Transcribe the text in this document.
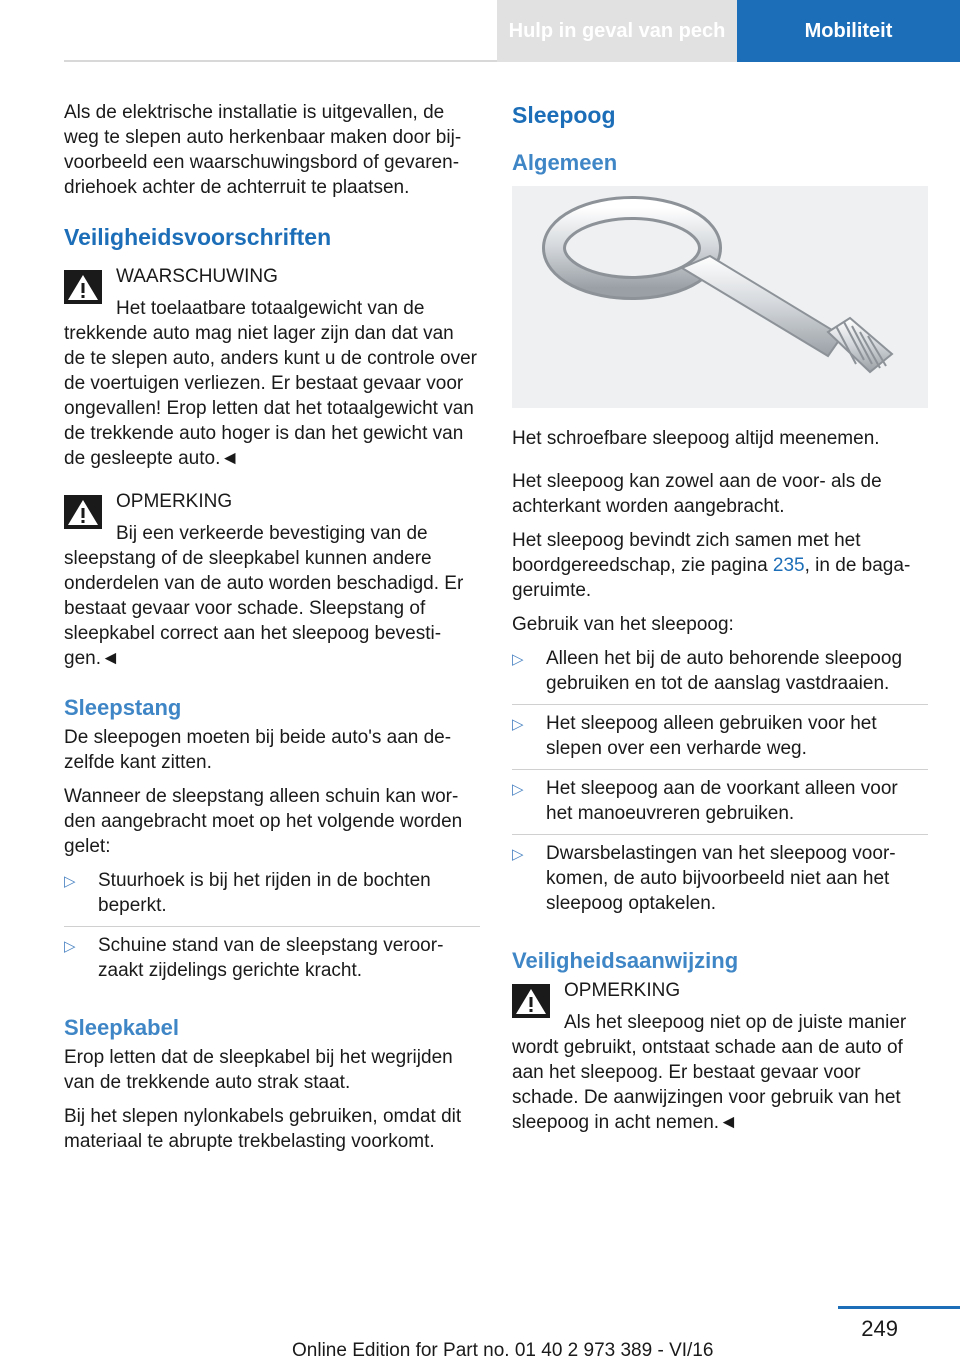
Hulp in geval van pech	Mobiliteit

Als de elektrische installatie is uitgevallen, de weg te slepen auto herkenbaar maken door bijvoorbeeld een waarschuwingsbord of gevarendriehoek achter de achterruit te plaatsen.

Veiligheidsvoorschriften
WAARSCHUWING
Het toelaatbare totaalgewicht van de
trekkende auto mag niet lager zijn dan dat van de te slepen auto, anders kunt u de controle over de voertuigen verliezen. Er bestaat gevaar voor ongevallen! Erop letten dat het totaalgewicht van de trekkende auto hoger is dan het gewicht van de gesleepte auto.◄
OPMERKING
Bij een verkeerde bevestiging van de
sleepstang of de sleepkabel kunnen andere onderdelen van de auto worden beschadigd. Er bestaat gevaar voor schade. Sleepstang of sleepkabel correct aan het sleepoog bevestigen.◄
Sleepstang

De sleepogen moeten bij beide auto's aan dezelfde kant zitten.

Wanneer de sleepstang alleen schuin kan worden aangebracht moet op het volgende worden gelet:

▷ Stuurhoek is bij het rijden in de bochten beperkt.
▷ Schuine stand van de sleepstang veroorzaakt zijdelings gerichte kracht.
Sleepkabel

Erop letten dat de sleepkabel bij het wegrijden van de trekkende auto strak staat.

Bij het slepen nylonkabels gebruiken, omdat dit materiaal te abrupte trekbelasting voorkomt.

Sleepoog
Algemeen

Het schroefbare sleepoog altijd meenemen.

Het sleepoog kan zowel aan de voor- als de achterkant worden aangebracht.

Het sleepoog bevindt zich samen met het boordgereedschap, zie pagina 235, in de bagageruimte.

Gebruik van het sleepoog:

▷ Alleen het bij de auto behorende sleepoog gebruiken en tot de aanslag vastdraaien.
▷ Het sleepoog alleen gebruiken voor het slepen over een verharde weg.
▷ Het sleepoog aan de voorkant alleen voor het manoeuvreren gebruiken.
▷ Dwarsbelastingen van het sleepoog voorkomen, de auto bijvoorbeeld niet aan het sleepoog optakelen.
Veiligheidsaanwijzing
OPMERKING
Als het sleepoog niet op de juiste manier
wordt gebruikt, ontstaat schade aan de auto of aan het sleepoog. Er bestaat gevaar voor schade. De aanwijzingen voor gebruik van het sleepoog in acht nemen.◄
249
Online Edition for Part no. 01 40 2 973 389 - VI/16
